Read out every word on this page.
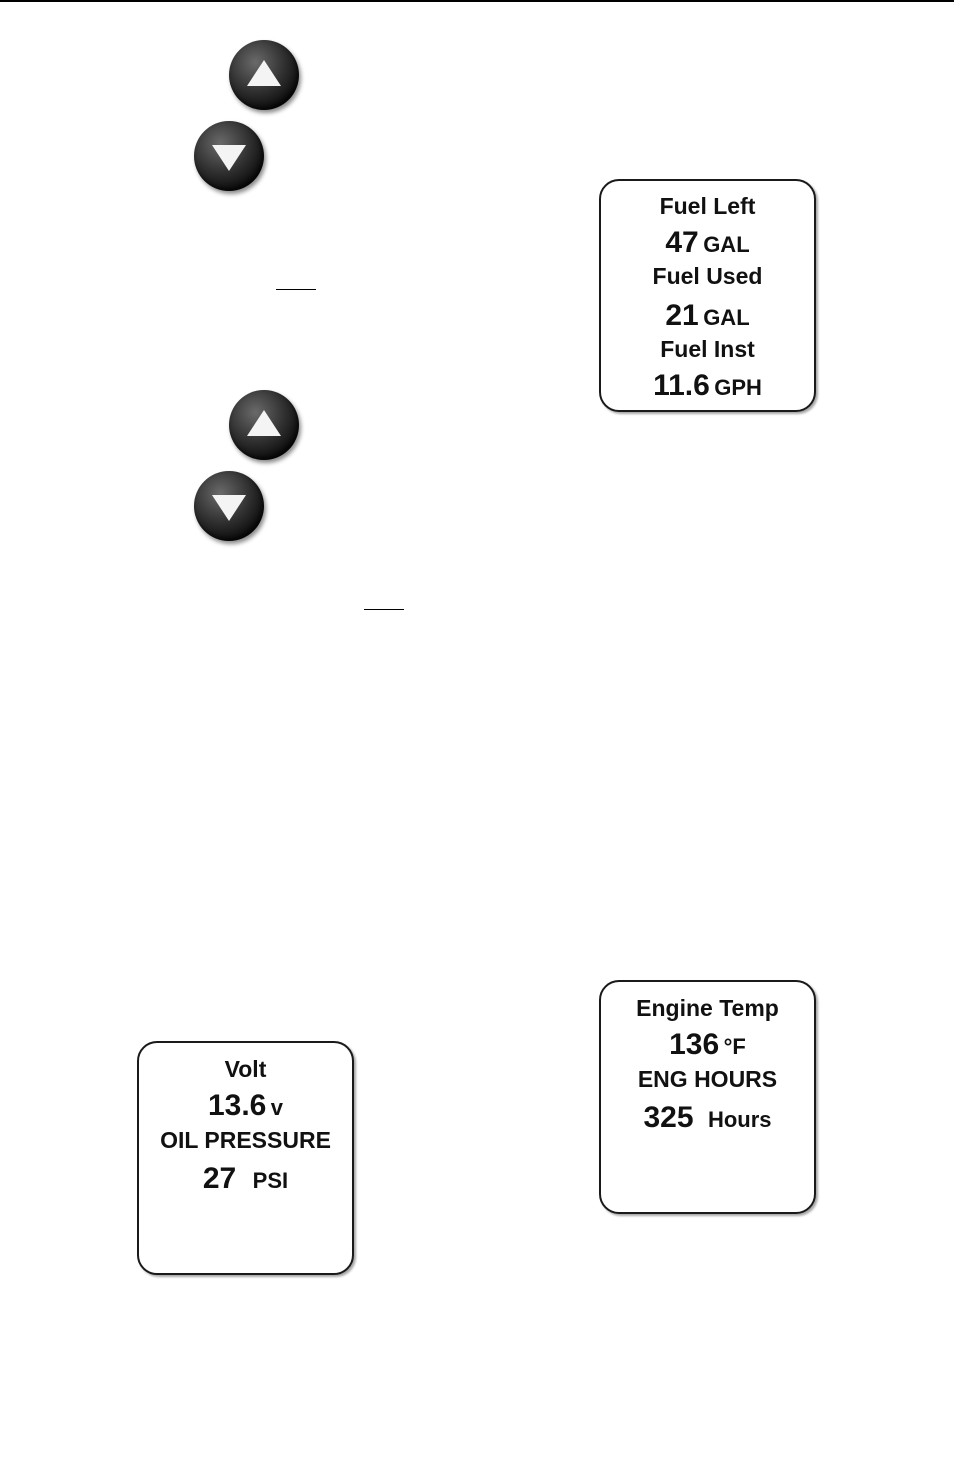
Fuel Left
47 GAL
Fuel Used
21 GAL
Fuel Inst
11.6 GPH
Engine Temp
136 °F
ENG HOURS
325 Hours
Volt
13.6 v
OIL PRESSURE
27 PSI
